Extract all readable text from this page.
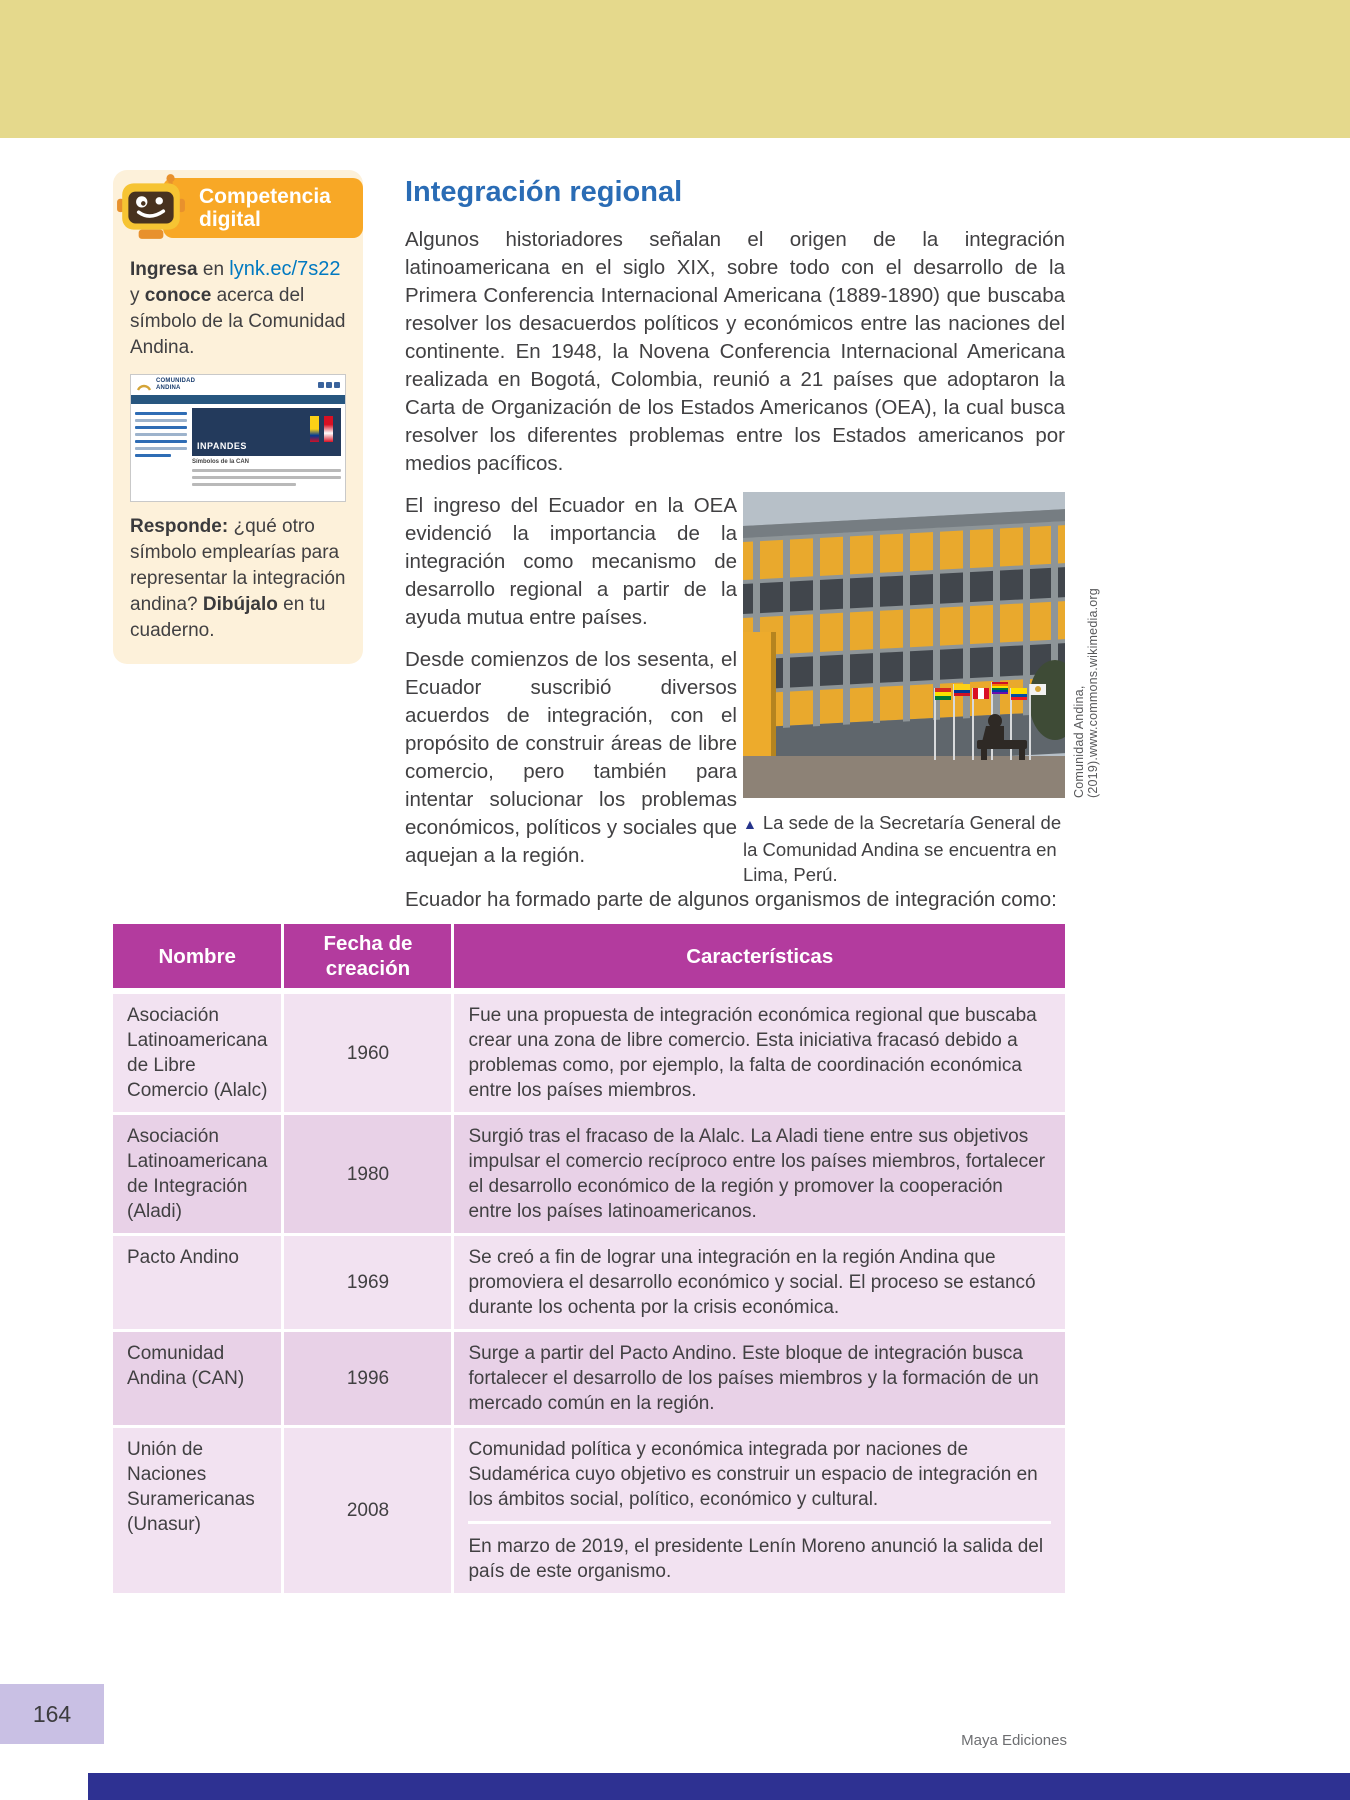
Competencia digital

Ingresa en lynk.ec/7s22 y conoce acerca del símbolo de la Comunidad Andina.

COMUNIDAD ANDINA
INPANDES
Símbolos de la CAN

Responde: ¿qué otro símbolo emplearías para representar la integración andina? Dibújalo en tu cuaderno.

Integración regional

Algunos historiadores señalan el origen de la integración latinoamericana en el siglo XIX, sobre todo con el desarrollo de la Primera Conferencia Internacional Americana (1889-1890) que buscaba resolver los desacuerdos políticos y económicos entre las naciones del continente. En 1948, la Novena Conferencia Internacional Americana realizada en Bogotá, Colombia, reunió a 21 países que adoptaron la Carta de Organización de los Estados Americanos (OEA), la cual busca resolver los diferentes problemas entre los Estados americanos por medios pacíficos.

El ingreso del Ecuador en la OEA evidenció la importancia de la integración como mecanismo de desarrollo regional a partir de la ayuda mutua entre países.

Desde comienzos de los sesenta, el Ecuador suscribió diversos acuerdos de integración, con el propósito de construir áreas de libre comercio, pero también para intentar solucionar los problemas económicos, políticos y sociales que aquejan a la región.

▲ La sede de la Secretaría General de la Comunidad Andina se encuentra en Lima, Perú.
Comunidad Andina, (2019).www.commons.wikimedia.org

Ecuador ha formado parte de algunos organismos de integración como:

Nombre	Fecha de creación	Características
Asociación Latinoamericana de Libre Comercio (Alalc)	1960	Fue una propuesta de integración económica regional que buscaba crear una zona de libre comercio. Esta iniciativa fracasó debido a problemas como, por ejemplo, la falta de coordinación económica entre los países miembros.

Asociación Latinoamericana de Integración (Aladi)	1980	Surgió tras el fracaso de la Alalc. La Aladi tiene entre sus objetivos impulsar el comercio recíproco entre los países miembros, fortalecer el desarrollo económico de la región y promover la cooperación entre los países latinoamericanos.

Pacto Andino	1969	Se creó a fin de lograr una integración en la región Andina que promoviera el desarrollo económico y social. El proceso se estancó durante los ochenta por la crisis económica.

Comunidad Andina (CAN)	1996	Surge a partir del Pacto Andino. Este bloque de integración busca fortalecer el desarrollo de los países miembros y la formación de un mercado común en la región.

Unión de Naciones Suramericanas (Unasur)	2008	Comunidad política y económica integrada por naciones de Sudamérica cuyo objetivo es construir un espacio de integración en los ámbitos social, político, económico y cultural.

En marzo de 2019, el presidente Lenín Moreno anunció la salida del país de este organismo.

164
Maya Ediciones
